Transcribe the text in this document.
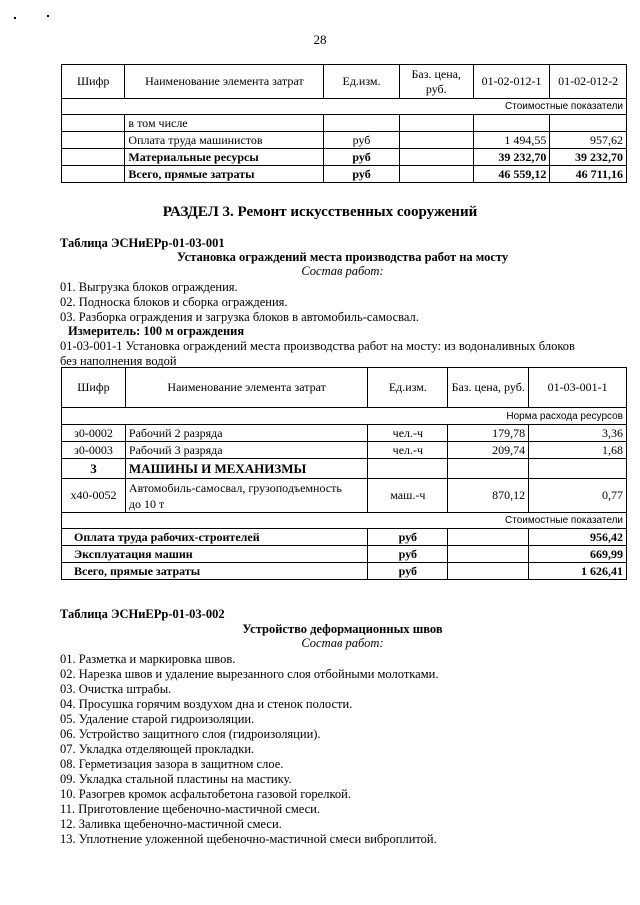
28
Шифр	Наименование элемента затрат	Ед.изм.	Баз. цена, руб.	01-02-012-1	01-02-012-2
Стоимостные показатели					
	в том числе				
	Оплата труда машинистов	руб		1 494,55	957,62
	Материальные ресурсы	руб		39 232,70	39 232,70
	Всего, прямые затраты	руб		46 559,12	46 711,16
РАЗДЕЛ 3. Ремонт искусственных сооружений
Таблица ЭСНиЕРр-01-03-001
Установка ограждений места производства работ на мосту
Состав работ:
01. Выгрузка блоков ограждения.
02. Подноска блоков и сборка ограждения.
03. Разборка ограждения и загрузка блоков в автомобиль-самосвал.
Измеритель: 100 м ограждения
01-03-001-1 Установка ограждений места производства работ на мосту: из водоналивных блоков
без наполнения водой
Шифр	Наименование элемента затрат	Ед.изм.	Баз. цена, руб.	01-03-001-1
Норма расхода ресурсов				
з0-0002	Рабочий 2 разряда	чел.-ч	179,78	3,36
з0-0003	Рабочий 3 разряда	чел.-ч	209,74	1,68
3	МАШИНЫ И МЕХАНИЗМЫ			
х40-0052	Автомобиль-самосвал, грузоподъемность
до 10 т	маш.-ч	870,12	0,77
Стоимостные показатели				
Оплата труда рабочих-строителей		руб		956,42
Эксплуатация машин		руб		669,99
Всего, прямые затраты		руб		1 626,41
Таблица ЭСНиЕРр-01-03-002
Устройство деформационных швов
Состав работ:
01. Разметка и маркировка швов.
02. Нарезка швов и удаление вырезанного слоя отбойными молотками.
03. Очистка штрабы.
04. Просушка горячим воздухом дна и стенок полости.
05. Удаление старой гидроизоляции.
06. Устройство защитного слоя (гидроизоляции).
07. Укладка отделяющей прокладки.
08. Герметизация зазора в защитном слое.
09. Укладка стальной пластины на мастику.
10. Разогрев кромок асфальтобетона газовой горелкой.
11. Приготовление щебеночно-мастичной смеси.
12. Заливка щебеночно-мастичной смеси.
13. Уплотнение уложенной щебеночно-мастичной смеси виброплитой.
